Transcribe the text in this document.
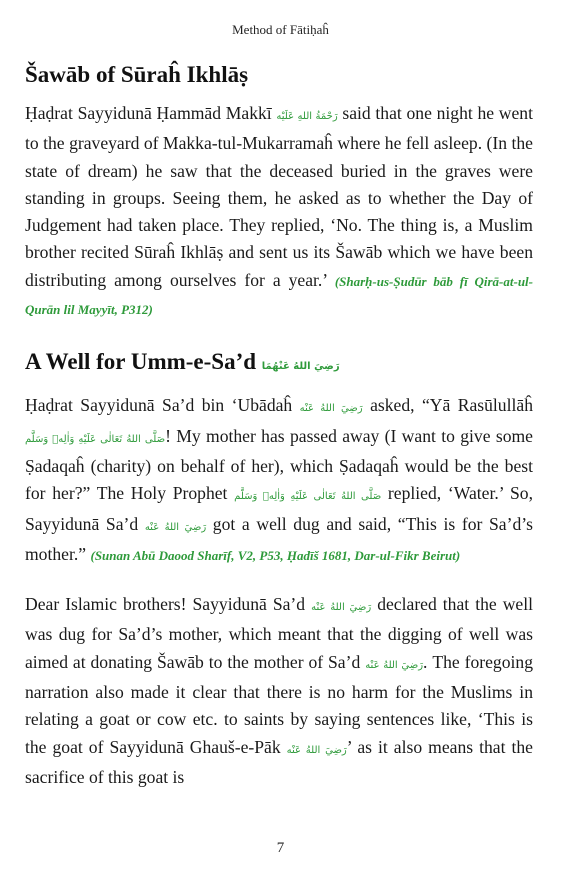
Method of Fātiḥaĥ
Šawāb of Sūraĥ Ikhlāṣ

Ḥaḍrat Sayyidunā Ḥammād Makkī رَحْمَةُ اللهِ عَلَيْه said that one night he went to the graveyard of Makka-tul-Mukarramaĥ where he fell asleep. (In the state of dream) he saw that the deceased buried in the graves were standing in groups. Seeing them, he asked as to whether the Day of Judgement had taken place. They replied, ‘No. The thing is, a Muslim brother recited Sūraĥ Ikhlāṣ and sent us its Šawāb which we have been distributing among ourselves for a year.’ (Sharḥ-us-Ṣudūr bāb fī Qirā-at-ul-Qurān lil Mayyīt, P312)

A Well for Umm-e-Sa’d رَضِيَ اللهُ عَنْهُمَا

Ḥaḍrat Sayyidunā Sa’d bin ‘Ubādaĥ رَضِيَ اللهُ عَنْه asked, “Yā Rasūlullāĥ صَلَّى اللهُ تَعَالٰى عَلَيْهِ وَاٰلِهٖ وَسَلَّم! My mother has passed away (I want to give some Ṣadaqaĥ (charity) on behalf of her), which Ṣadaqaĥ would be the best for her?” The Holy Prophet صَلَّى اللهُ تَعَالٰى عَلَيْهِ وَاٰلِهٖ وَسَلَّم replied, ‘Water.’ So, Sayyidunā Sa’d رَضِيَ اللهُ عَنْه got a well dug and said, “This is for Sa’d’s mother.” (Sunan Abū Daood Sharīf, V2, P53, Ḥadīš 1681, Dar-ul-Fikr Beirut)

Dear Islamic brothers! Sayyidunā Sa’d رَضِيَ اللهُ عَنْه declared that the well was dug for Sa’d’s mother, which meant that the digging of well was aimed at donating Šawāb to the mother of Sa’d رَضِيَ اللهُ عَنْه. The foregoing narration also made it clear that there is no harm for the Muslims in relating a goat or cow etc. to saints by saying sentences like, ‘This is the goat of Sayyidunā Ghauš-e-Pāk رَضِيَ اللهُ عَنْه’ as it also means that the sacrifice of this goat is

7
